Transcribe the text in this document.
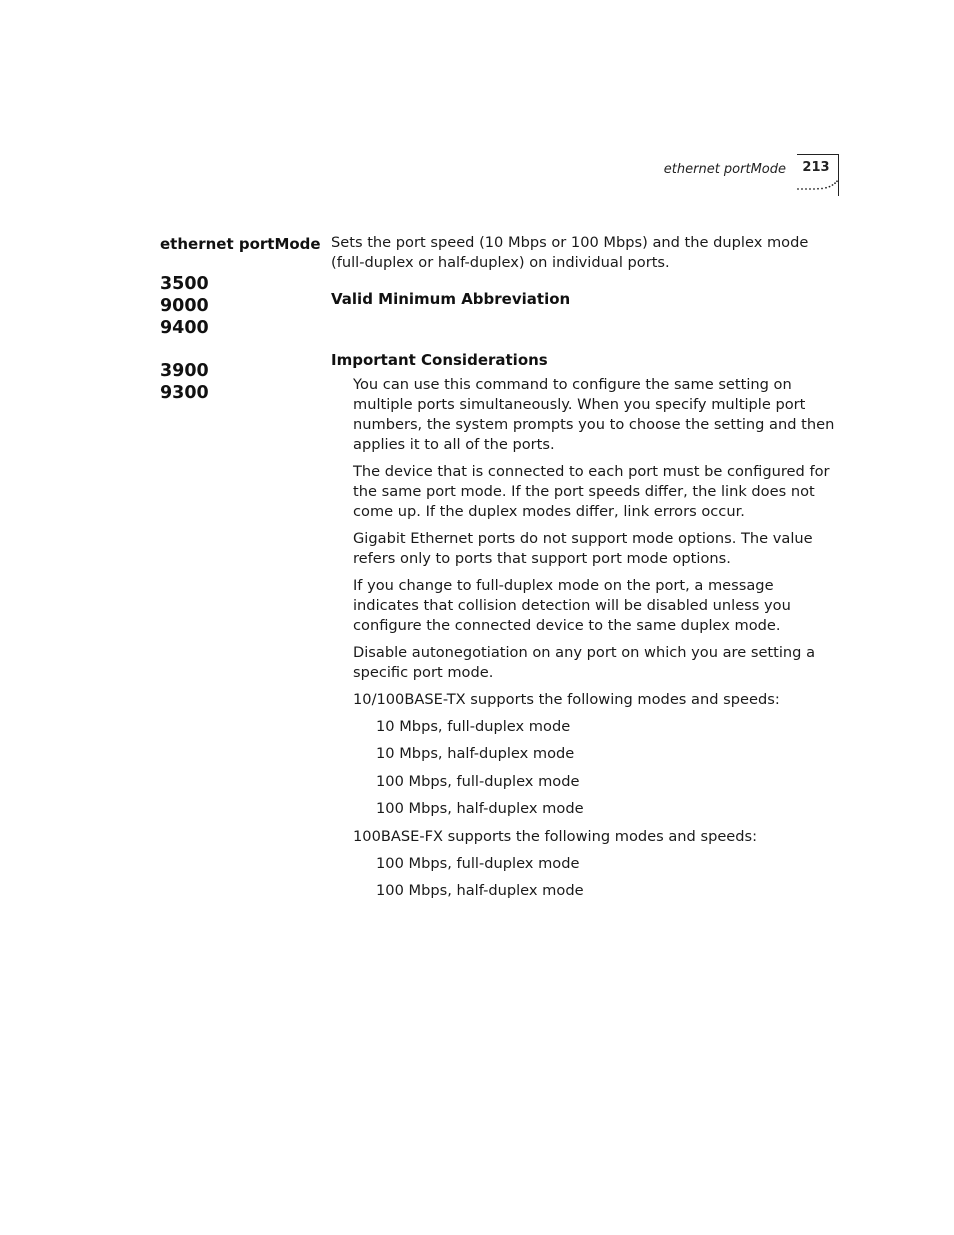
ethernet portMode	213
ethernet portMode
3500
9000
9400
3900
9300

Sets the port speed (10 Mbps or 100 Mbps) and the duplex mode (full-duplex or half-duplex) on individual ports.

Valid Minimum Abbreviation
Important Considerations

You can use this command to configure the same setting on multiple ports simultaneously. When you specify multiple port numbers, the system prompts you to choose the setting and then applies it to all of the ports.

The device that is connected to each port must be configured for the same port mode. If the port speeds differ, the link does not come up. If the duplex modes differ, link errors occur.

Gigabit Ethernet ports do not support mode options. The value refers only to ports that support port mode options.

If you change to full-duplex mode on the port, a message indicates that collision detection will be disabled unless you configure the connected device to the same duplex mode.

Disable autonegotiation on any port on which you are setting a specific port mode.

10/100BASE-TX supports the following modes and speeds:

10 Mbps, full-duplex mode

10 Mbps, half-duplex mode

100 Mbps, full-duplex mode

100 Mbps, half-duplex mode

100BASE-FX supports the following modes and speeds:

100 Mbps, full-duplex mode

100 Mbps, half-duplex mode
